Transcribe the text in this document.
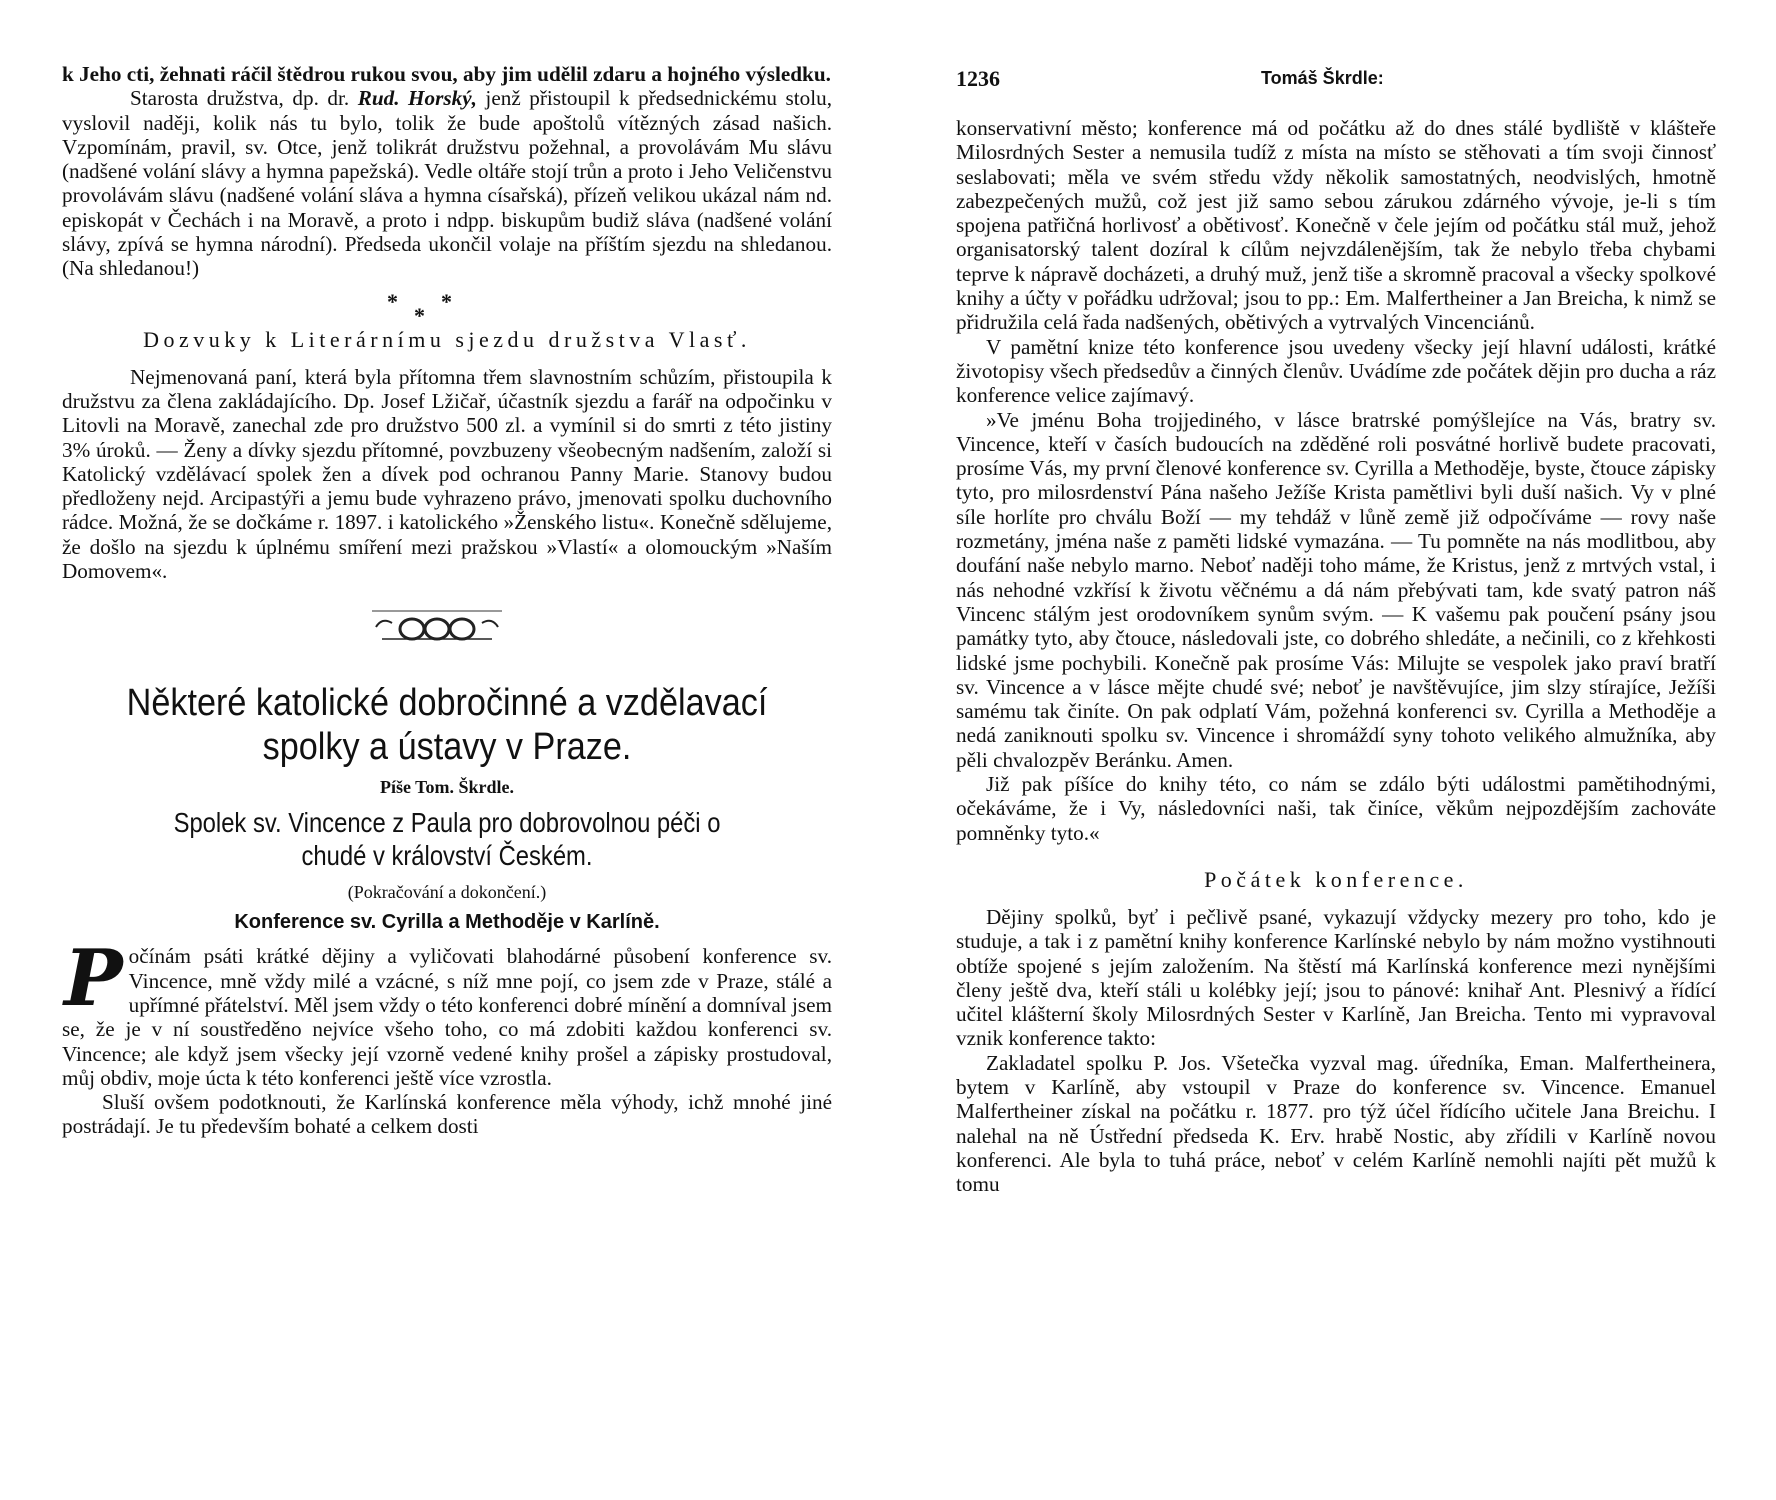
k Jeho cti, žehnati ráčil štědrou rukou svou, aby jim udělil zdaru a hojného výsledku.

Starosta družstva, dp. dr. Rud. Horský, jenž přistoupil k předsednickému stolu, vyslovil naději, kolik nás tu bylo, tolik že bude apoštolů vítězných zásad našich. Vzpomínám, pravil, sv. Otce, jenž tolikrát družstvu požehnal, a provolávám Mu slávu (nadšené volání slávy a hymna papežská). Vedle oltáře stojí trůn a proto i Jeho Veličenstvu provolávám slávu (nadšené volání sláva a hymna císařská), přízeň velikou ukázal nám nd. episkopát v Čechách i na Moravě, a proto i ndpp. biskupům budiž sláva (nadšené volání slávy, zpívá se hymna národní). Předseda ukončil volaje na příštím sjezdu na shledanou. (Na shledanou!)

*
*
*

Dozvuky k Literárnímu sjezdu družstva Vlasť.

Nejmenovaná paní, která byla přítomna třem slavnostním schůzím, přistoupila k družstvu za člena zakládajícího. Dp. Josef Lžičař, účastník sjezdu a farář na odpočinku v Litovli na Moravě, zanechal zde pro družstvo 500 zl. a vymínil si do smrti z této jistiny 3% úroků. — Ženy a dívky sjezdu přítomné, povzbuzeny všeobecným nadšením, založí si Katolický vzdělávací spolek žen a dívek pod ochranou Panny Marie. Stanovy budou předloženy nejd. Arcipastýři a jemu bude vyhrazeno právo, jmenovati spolku duchovního rádce. Možná, že se dočkáme r. 1897. i katolického »Ženského listu«. Konečně sdělujeme, že došlo na sjezdu k úplnému smíření mezi pražskou »Vlastí« a olomouckým »Naším Domovem«.

Některé katolické dobročinné a vzdělavací spolky a ústavy v Praze.

Píše Tom. Škrdle.

Spolek sv. Vincence z Paula pro dobrovolnou péči o chudé v království Českém.

(Pokračování a dokončení.)

Konference sv. Cyrilla a Methoděje v Karlíně.

Počínám psáti krátké dějiny a vyličovati blahodárné působení konference sv. Vincence, mně vždy milé a vzácné, s níž mne pojí, co jsem zde v Praze, stálé a upřímné přátelství. Měl jsem vždy o této konferenci dobré mínění a domníval jsem se, že je v ní soustředěno nejvíce všeho toho, co má zdobiti každou konferenci sv. Vincence; ale když jsem všecky její vzorně vedené knihy prošel a zápisky prostudoval, můj obdiv, moje úcta k této konferenci ještě více vzrostla.

Sluší ovšem podotknouti, že Karlínská konference měla výhody, ichž mnohé jiné postrádají. Je tu především bohaté a celkem dosti

1236	Tomáš Škrdle:

konservativní město; konference má od počátku až do dnes stálé bydliště v klášteře Milosrdných Sester a nemusila tudíž z místa na místo se stěhovati a tím svoji činnosť seslabovati; měla ve svém středu vždy několik samostatných, neodvislých, hmotně zabezpečených mužů, což jest již samo sebou zárukou zdárného vývoje, je-li s tím spojena patřičná horlivosť a obětivosť. Konečně v čele jejím od počátku stál muž, jehož organisatorský talent dozíral k cílům nejvzdálenějším, tak že nebylo třeba chybami teprve k nápravě docházeti, a druhý muž, jenž tiše a skromně pracoval a všecky spolkové knihy a účty v pořádku udržoval; jsou to pp.: Em. Malfertheiner a Jan Breicha, k nimž se přidružila celá řada nadšených, obětivých a vytrvalých Vincenciánů.

V pamětní knize této konference jsou uvedeny všecky její hlavní události, krátké životopisy všech předsedův a činných členův. Uvádíme zde počátek dějin pro ducha a ráz konference velice zajímavý.

»Ve jménu Boha trojjediného, v lásce bratrské pomýšlejíce na Vás, bratry sv. Vincence, kteří v časích budoucích na zděděné roli posvátné horlivě budete pracovati, prosíme Vás, my první členové konference sv. Cyrilla a Methoděje, byste, čtouce zápisky tyto, pro milosrdenství Pána našeho Ježíše Krista pamětlivi byli duší našich. Vy v plné síle horlíte pro chválu Boží — my tehdáž v lůně země již odpočíváme — rovy naše rozmetány, jména naše z paměti lidské vymazána. — Tu pomněte na nás modlitbou, aby doufání naše nebylo marno. Neboť naději toho máme, že Kristus, jenž z mrtvých vstal, i nás nehodné vzkřísí k životu věčnému a dá nám přebývati tam, kde svatý patron náš Vincenc stálým jest orodovníkem synům svým. — K vašemu pak poučení psány jsou památky tyto, aby čtouce, následovali jste, co dobrého shledáte, a nečinili, co z křehkosti lidské jsme pochybili. Konečně pak prosíme Vás: Milujte se vespolek jako praví bratří sv. Vincence a v lásce mějte chudé své; neboť je navštěvujíce, jim slzy stírajíce, Ježíši samému tak činíte. On pak odplatí Vám, požehná konferenci sv. Cyrilla a Methoděje a nedá zaniknouti spolku sv. Vincence i shromáždí syny tohoto velikého almužníka, aby pěli chvalozpěv Beránku. Amen.

Již pak píšíce do knihy této, co nám se zdálo býti událostmi pamětihodnými, očekáváme, že i Vy, následovníci naši, tak činíce, věkům nejpozdějším zachováte pomněnky tyto.«

Počátek konference.

Dějiny spolků, byť i pečlivě psané, vykazují vždycky mezery pro toho, kdo je studuje, a tak i z pamětní knihy konference Karlínské nebylo by nám možno vystihnouti obtíže spojené s jejím založením. Na štěstí má Karlínská konference mezi nynějšími členy ještě dva, kteří stáli u kolébky její; jsou to pánové: knihař Ant. Plesnivý a řídící učitel klášterní školy Milosrdných Sester v Karlíně, Jan Breicha. Tento mi vypravoval vznik konference takto:

Zakladatel spolku P. Jos. Všetečka vyzval mag. úředníka, Eman. Malfertheinera, bytem v Karlíně, aby vstoupil v Praze do konference sv. Vincence. Emanuel Malfertheiner získal na počátku r. 1877. pro týž účel řídícího učitele Jana Breichu. I nalehal na ně Ústřední předseda K. Erv. hrabě Nostic, aby zřídili v Karlíně novou konferenci. Ale byla to tuhá práce, neboť v celém Karlíně nemohli najíti pět mužů k tomu
